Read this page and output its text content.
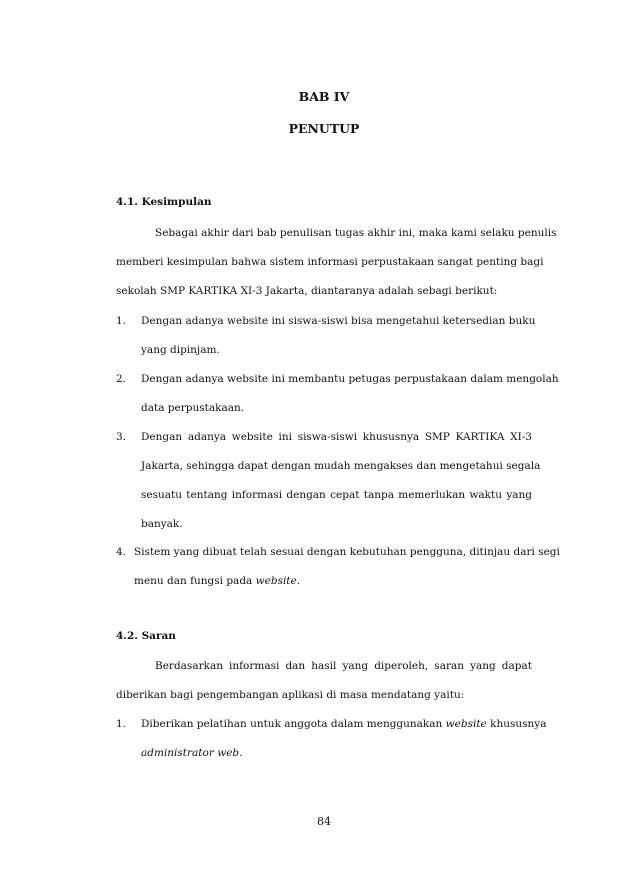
BAB IV
PENUTUP
4.1. Kesimpulan
Sebagai akhir dari bab penulisan tugas akhir ini, maka kami selaku penulis
memberi kesimpulan bahwa sistem informasi perpustakaan sangat penting bagi
sekolah SMP KARTIKA XI-3 Jakarta, diantaranya adalah sebagi berikut:
1.	Dengan adanya website ini siswa-siswi bisa mengetahui ketersedian buku
yang dipinjam.
2.	Dengan adanya website ini membantu petugas perpustakaan dalam mengolah
data perpustakaan.
3.	Dengan adanya website ini siswa-siswi khususnya SMP KARTIKA XI-3
Jakarta, sehingga dapat dengan mudah mengakses dan mengetahui segala
sesuatu tentang informasi dengan cepat tanpa memerlukan waktu yang
banyak.
4. Sistem yang dibuat telah sesuai dengan kebutuhan pengguna, ditinjau dari segi
menu dan fungsi pada website.
4.2. Saran
Berdasarkan informasi dan hasil yang diperoleh, saran yang dapat
diberikan bagi pengembangan aplikasi di masa mendatang yaitu:
1.	Diberikan pelatihan untuk anggota dalam menggunakan website khususnya
administrator web.
84
